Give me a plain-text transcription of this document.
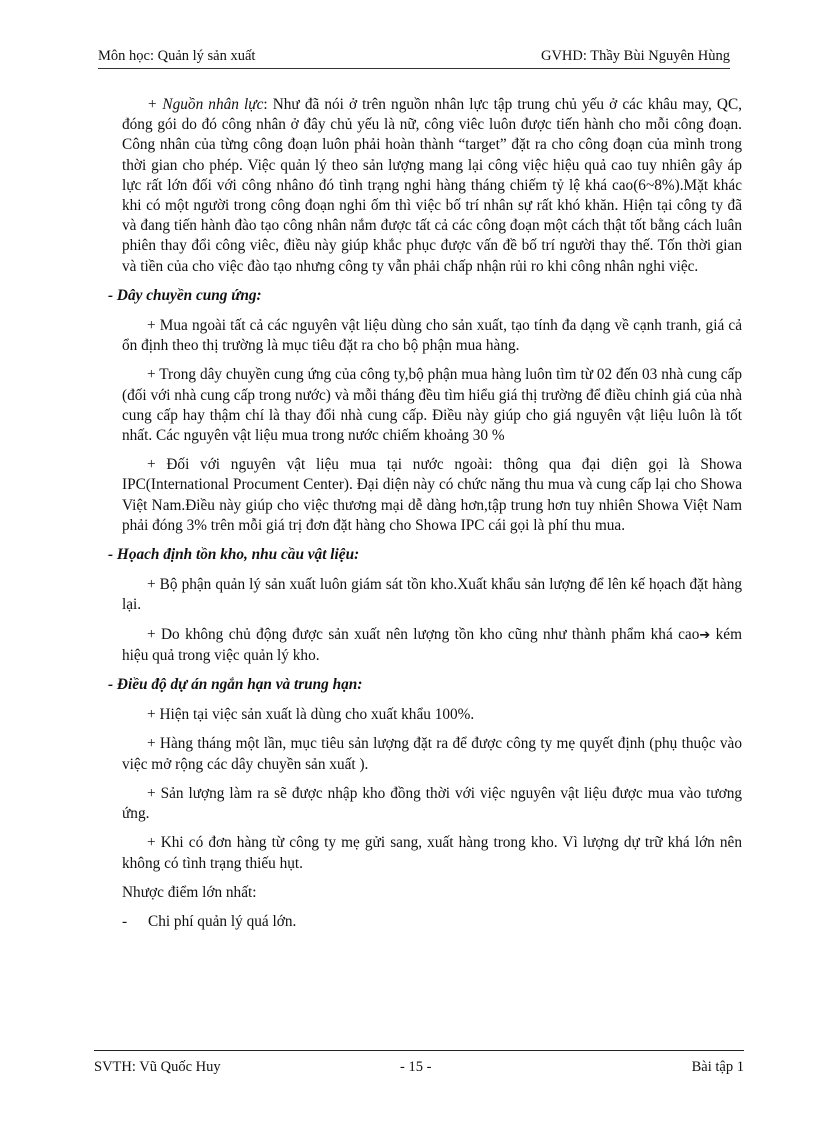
Môn học: Quản lý sản xuất	GVHD: Thầy Bùi Nguyên Hùng

+ Nguồn nhân lực: Như đã nói ở trên nguồn nhân lực tập trung chủ yếu ở các khâu may, QC, đóng gói do đó công nhân ở đây chủ yếu là nữ, công viêc luôn được tiến hành cho mỗi công đoạn. Công nhân của từng công đoạn luôn phải hoàn thành “target” đặt ra cho công đoạn của mình trong thời gian cho phép. Việc quản lý theo sản lượng mang lại công việc hiệu quả cao tuy nhiên gây áp lực rất lớn đối với công nhâno đó tình trạng nghi hàng tháng chiếm tỷ lệ khá cao(6~8%).Mặt khác khi có một người trong công đoạn nghi ốm thì việc bố trí nhân sự rất khó khăn. Hiện tại công ty đã và đang tiến hành đào tạo công nhân nắm được tất cả các công đoạn một cách thật tốt bằng cách luân phiên thay đổi công viêc, điều này giúp khắc phục được vấn đề bố trí người thay thế. Tốn thời gian và tiền của cho việc đào tạo nhưng công ty vẫn phải chấp nhận rủi ro khi công nhân nghi việc.

- Dây chuyền cung ứng:

+ Mua ngoài tất cả các nguyên vật liệu dùng cho sản xuất, tạo tính đa dạng về cạnh tranh, giá cả ổn định theo thị trường là mục tiêu đặt ra cho bộ phận mua hàng.

+ Trong dây chuyền cung ứng của công ty,bộ phận mua hàng luôn tìm từ 02 đến 03 nhà cung cấp (đối với nhà cung cấp trong nước) và mỗi tháng đều tìm hiểu giá thị trường để điều chỉnh giá của nhà cung cấp hay thậm chí là thay đổi nhà cung cấp. Điều này giúp cho giá nguyên vật liệu luôn là tốt nhất. Các nguyên vật liệu mua trong nước chiếm khoảng 30 %

+ Đối với nguyên vật liệu mua tại nước ngoài: thông qua đại diện gọi là Showa IPC(International Procument Center). Đại diện này có chức năng thu mua và cung cấp lại cho Showa Việt Nam.Điều này giúp cho việc thương mại dễ dàng hơn,tập trung hơn tuy nhiên Showa Việt Nam phải đóng 3% trên mỗi giá trị đơn đặt hàng cho Showa IPC cái gọi là phí thu mua.

- Họach định tồn kho, nhu cầu vật liệu:

+ Bộ phận quản lý sản xuất luôn giám sát tồn kho.Xuất khẩu sản lượng để lên kế họach đặt hàng lại.

+ Do không chủ động được sản xuất nên lượng tồn kho cũng như thành phẩm khá cao➔ kém hiệu quả trong việc quản lý kho.

- Điều độ dự án ngắn hạn và trung hạn:

+ Hiện tại việc sản xuất là dùng cho xuất khẩu 100%.

+ Hàng tháng một lần, mục tiêu sản lượng đặt ra để được công ty mẹ quyết định (phụ thuộc vào việc mở rộng các dây chuyền sản xuất ).

+ Sản lượng làm ra sẽ được nhập kho đồng thời với việc nguyên vật liệu được mua vào tương ứng.

+ Khi có đơn hàng từ công ty mẹ gửi sang, xuất hàng trong kho. Vì lượng dự trữ khá lớn nên không có tình trạng thiếu hụt.

Nhược điểm lớn nhất:

-	Chi phí quản lý quá lớn.
SVTH: Vũ Quốc Huy	- 15 -	Bài tập 1
